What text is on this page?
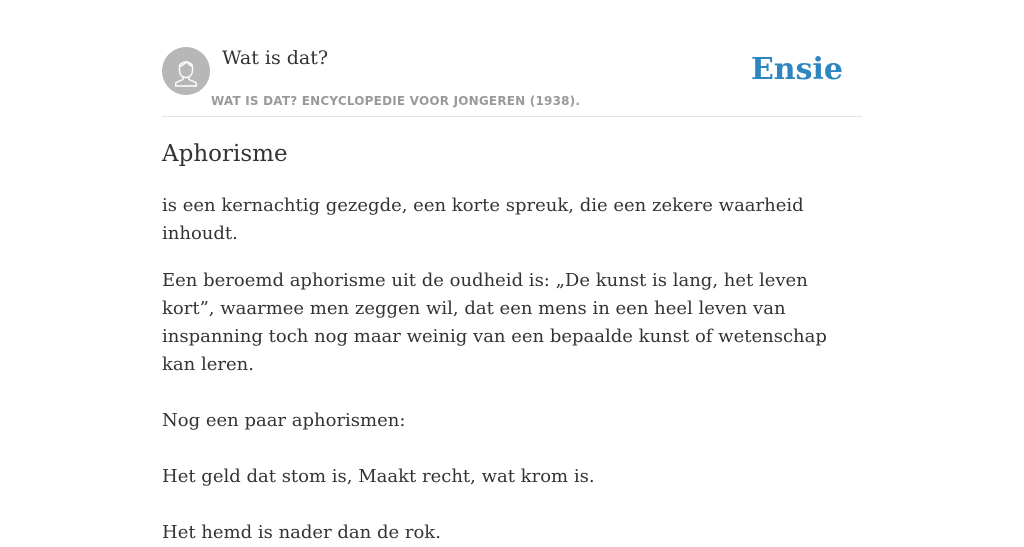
Wat is dat?
WAT IS DAT? ENCYCLOPEDIE VOOR JONGEREN (1938).
Ensie
Aphorisme

is een kernachtig gezegde, een korte spreuk, die een zekere waarheid inhoudt.

Een beroemd aphorisme uit de oudheid is: „De kunst is lang, het leven kort”, waarmee men zeggen wil, dat een mens in een heel leven van inspanning toch nog maar weinig van een bepaalde kunst of wetenschap kan leren.

Nog een paar aphorismen:

Het geld dat stom is, Maakt recht, wat krom is.

Het hemd is nader dan de rok.
